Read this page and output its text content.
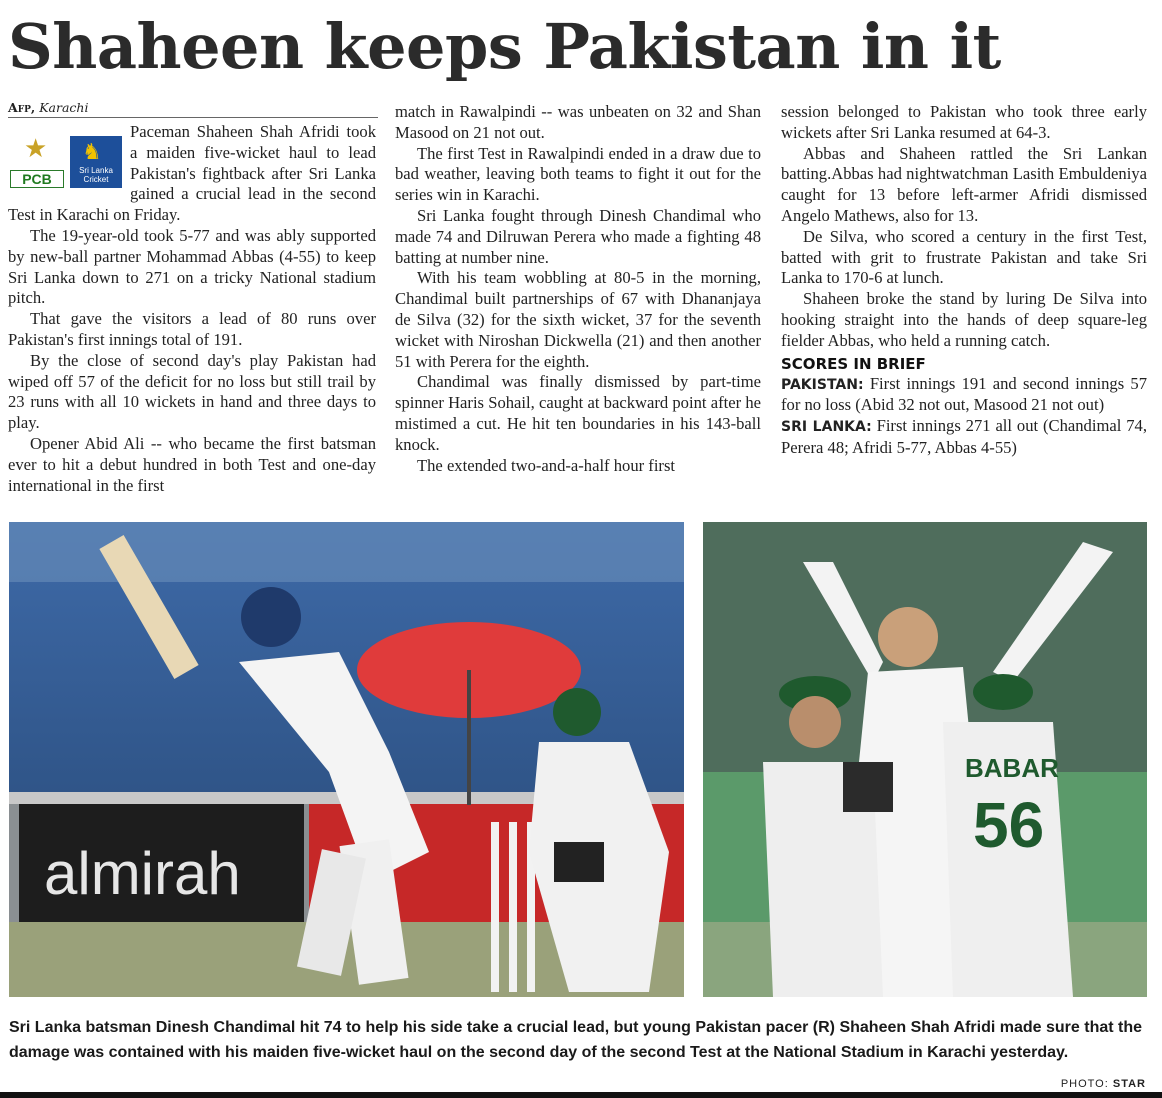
Shaheen keeps Pakistan in it
Afp, Karachi
★
PCB
♞
Sri Lanka Cricket

Paceman Shaheen Shah Afridi took a maiden five-wicket haul to lead Pakistan's fightback after Sri Lanka gained a crucial lead in the second Test in Karachi on Friday.

The 19-year-old took 5-77 and was ably supported by new-ball partner Mohammad Abbas (4-55) to keep Sri Lanka down to 271 on a tricky National stadium pitch.

That gave the visitors a lead of 80 runs over Pakistan's first innings total of 191.

By the close of second day's play Pakistan had wiped off 57 of the deficit for no loss but still trail by 23 runs with all 10 wickets in hand and three days to play.

Opener Abid Ali -- who became the first batsman ever to hit a debut hundred in both Test and one-day international in the first

match in Rawalpindi -- was unbeaten on 32 and Shan Masood on 21 not out.

The first Test in Rawalpindi ended in a draw due to bad weather, leaving both teams to fight it out for the series win in Karachi.

Sri Lanka fought through Dinesh Chandimal who made 74 and Dilruwan Perera who made a fighting 48 batting at number nine.

With his team wobbling at 80-5 in the morning, Chandimal built partnerships of 67 with Dhananjaya de Silva (32) for the sixth wicket, 37 for the seventh wicket with Niroshan Dickwella (21) and then another 51 with Perera for the eighth.

Chandimal was finally dismissed by part-time spinner Haris Sohail, caught at backward point after he mistimed a cut. He hit ten boundaries in his 143-ball knock.

The extended two-and-a-half hour first

session belonged to Pakistan who took three early wickets after Sri Lanka resumed at 64-3.

Abbas and Shaheen rattled the Sri Lankan batting.Abbas had nightwatchman Lasith Embuldeniya caught for 13 before left-armer Afridi dismissed Angelo Mathews, also for 13.

De Silva, who scored a century in the first Test, batted with grit to frustrate Pakistan and take Sri Lanka to 170-6 at lunch.

Shaheen broke the stand by luring De Silva into hooking straight into the hands of deep square-leg fielder Abbas, who held a running catch.

SCORES IN BRIEF

PAKISTAN: First innings 191 and second innings 57 for no loss (Abid 32 not out, Masood 21 not out)

SRI LANKA: First innings 271 all out (Chandimal 74, Perera 48; Afridi 5-77, Abbas 4-55)

almirah
BABAR
56

Sri Lanka batsman Dinesh Chandimal hit 74 to help his side take a crucial lead, but young Pakistan pacer (R) Shaheen Shah Afridi made sure that the damage was contained with his maiden five-wicket haul on the second day of the second Test at the National Stadium in Karachi yesterday.

PHOTO: STAR
